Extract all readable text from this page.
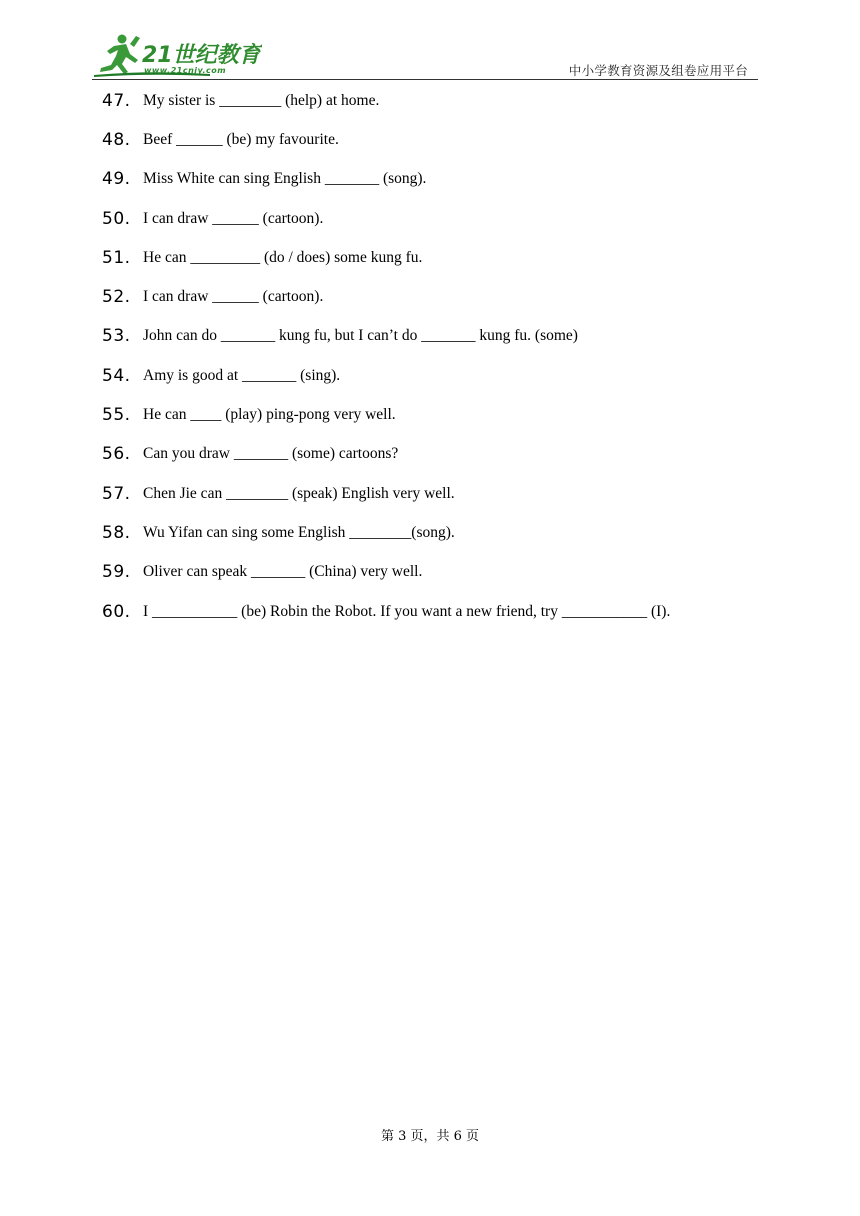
21世纪教育
www.21cnjy.com	中小学教育资源及组卷应用平台
47. My sister is ________ (help) at home.
48. Beef ______ (be) my favourite.
49. Miss White can sing English _______ (song).
50. I can draw ______ (cartoon).
51. He can _________ (do / does) some kung fu.
52. I can draw ______ (cartoon).
53. John can do _______ kung fu, but I can’t do _______ kung fu. (some)
54. Amy is good at _______ (sing).
55. He can ____ (play) ping-pong very well.
56. Can you draw _______ (some) cartoons?
57. Chen Jie can ________ (speak) English very well.
58. Wu Yifan can sing some English ________(song).
59. Oliver can speak _______ (China) very well.
60. I ___________ (be) Robin the Robot. If you want a new friend, try ___________ (I).
第 3 页，共 6 页
